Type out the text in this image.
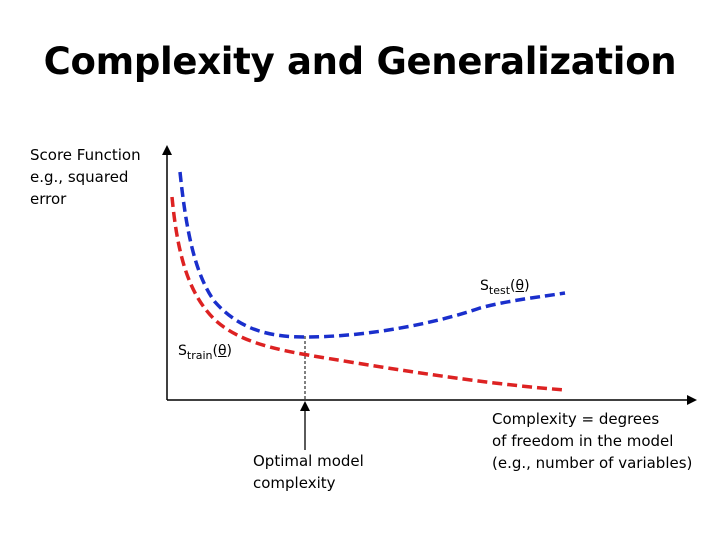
Complexity and Generalization
Score Function
e.g., squared
error
$S_{test}(\theta)$
$S_{train}(\theta)$
Optimal model
complexity
Complexity = degrees
of freedom in the model
(e.g., number of variables)
